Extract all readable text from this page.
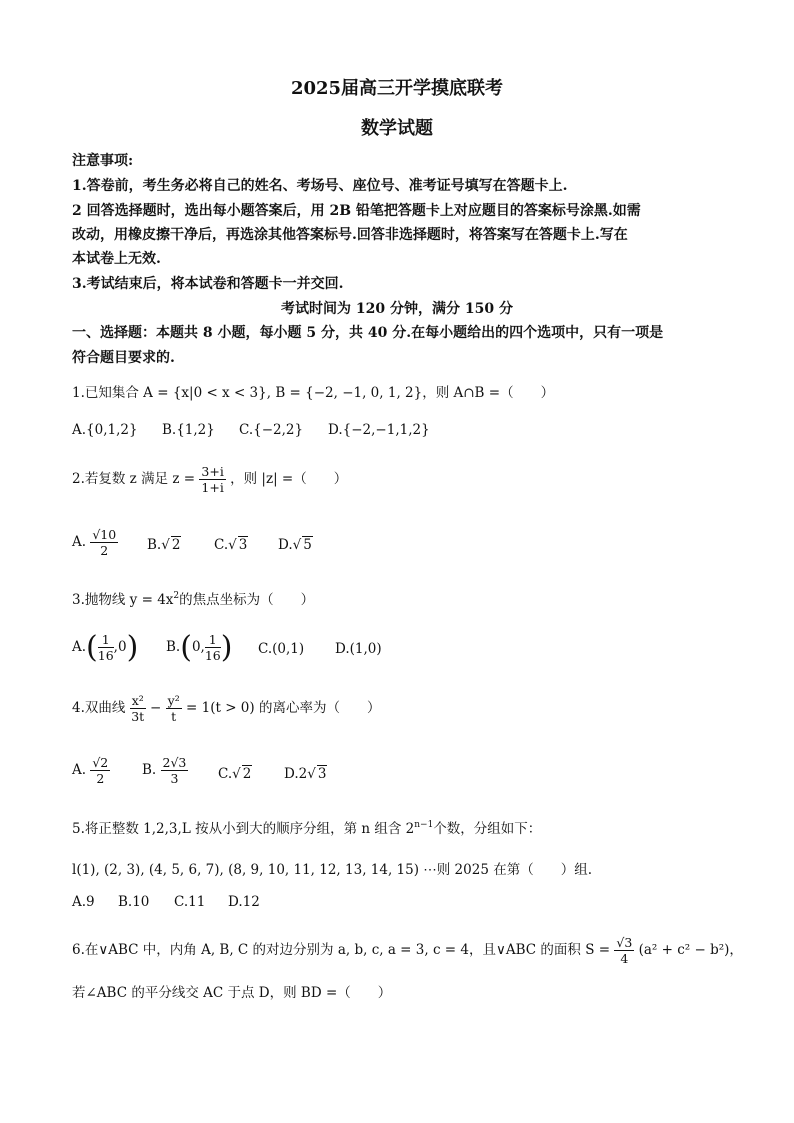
2025届高三开学摸底联考
数学试题
注意事项:
1.答卷前，考生务必将自己的姓名、考场号、座位号、准考证号填写在答题卡上.
2 回答选择题时，选出每小题答案后，用 2B 铅笔把答题卡上对应题目的答案标号涂黑.如需
改动，用橡皮擦干净后，再选涂其他答案标号.回答非选择题时，将答案写在答题卡上.写在
本试卷上无效.
3.考试结束后，将本试卷和答题卡一并交回.
考试时间为 120 分钟，满分 150 分
一、选择题：本题共 8 小题，每小题 5 分，共 40 分.在每小题给出的四个选项中，只有一项是
符合题目要求的.
1.已知集合 A = {x|0 < x < 3}, B = {−2, −1, 0, 1, 2}，则 A∩B =（　　）
A.{0,1,2} B.{1,2} C.{−2,2} D.{−2,−1,1,2}
2.若复数 z 满足 $z = \frac{3+i}{1+i}$ ，则 |z| =（　　）
A. $\frac{√10}{2} B.√$ 2 C.√ 3 D.√ 5
3.抛物线 $y = 4x^2$的焦点坐标为（　　）
$A.( \frac{1}{16} ,0)$ B.(0, $\frac{1}{16}$ ) C.(0,1) D.(1,0)
4.双曲线 $\frac{\text{x²}}{3t} - \frac{\text{y²}}{t} = 1(t > 0)$ 的离心率为（　　）
A. $\frac{√2}{2} B$. $\frac{2√3}{3} C.√$ 2 D.2√ 3
5.将正整数 1,2,3,L 按从小到大的顺序分组，第 n 组含 $2^{n-1}$个数，分组如下：
l(1), (2, 3), (4, 5, 6, 7), (8, 9, 10, 11, 12, 13, 14, 15) ⋯则 2025 在第（　　）组.
A.9 B.10 C.11 D.12
6.在∨ABC 中，内角 A, B, C 的对边分别为 a, b, c, a = 3, c = 4，且∨ABC 的面积 $S = \frac{√3}{4} (a^2 + c^2 - b^2)$，
若∠ABC 的平分线交 AC 于点 D，则 BD =（　　）
